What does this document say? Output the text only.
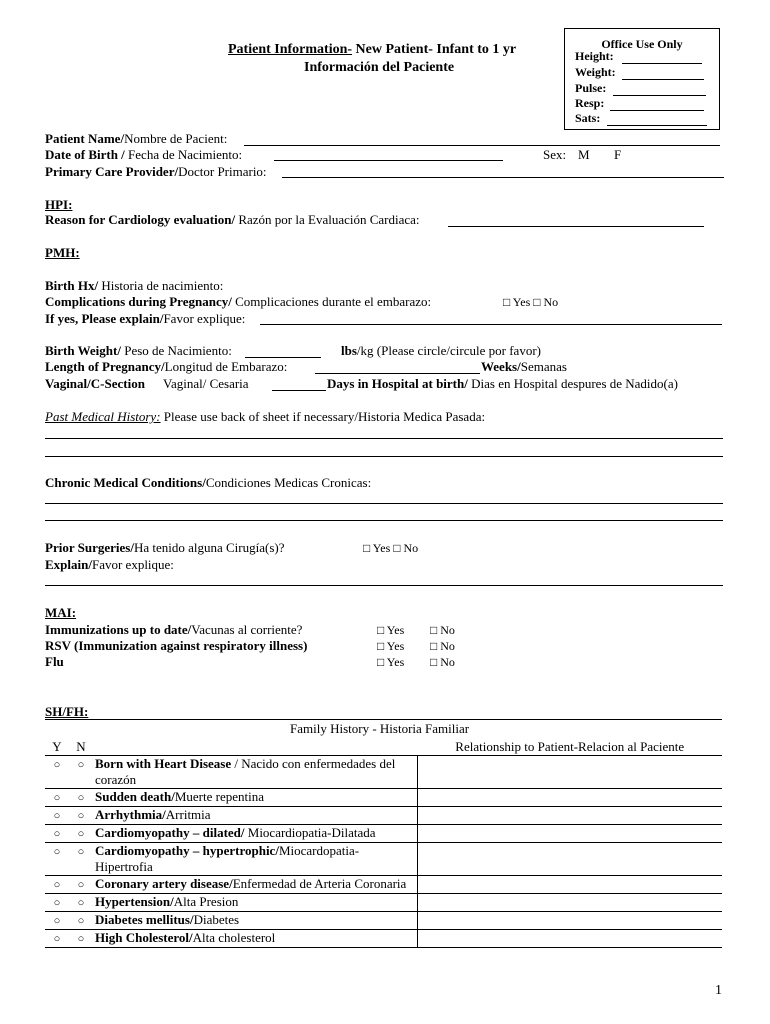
Patient Information- New Patient- Infant to 1 yr
Información del Paciente
Office Use Only
Height:
Weight:
Pulse:
Resp:
Sats:
Patient Name/Nombre de Pacient:
Date of Birth / Fecha de Nacimiento:	Sex: M F
Primary Care Provider/Doctor Primario:
HPI:
Reason for Cardiology evaluation/ Razón por la Evaluación Cardiaca:
PMH:
Birth Hx/ Historia de nacimiento:
Complications during Pregnancy/ Complicaciones durante el embarazo:	□ Yes □ No
If yes, Please explain/Favor explique:
Birth Weight/ Peso de Nacimiento:	lbs/kg (Please circle/circule por favor)
Length of Pregnancy/Longitud de Embarazo:	Weeks/Semanas
Vaginal/C-Section Vaginal/ Cesaria	Days in Hospital at birth/ Dias en Hospital despures de Nadido(a)
Past Medical History: Please use back of sheet if necessary/Historia Medica Pasada:
Chronic Medical Conditions/Condiciones Medicas Cronicas:
Prior Surgeries/Ha tenido alguna Cirugía(s)?	□ Yes □ No
Explain/Favor explique:
MAI:
Immunizations up to date/Vacunas al corriente?	□ Yes □ No
RSV (Immunization against respiratory illness)	□ Yes □ No
Flu	□ Yes □ No
SH/FH:
Family History - Historia Familiar
Y	N		Relationship to Patient-Relacion al Paciente
○	○	Born with Heart Disease / Nacido con enfermedades del corazón	
○	○	Sudden death/Muerte repentina	
○	○	Arrhythmia/Arritmia	
○	○	Cardiomyopathy – dilated/ Miocardiopatia-Dilatada	
○	○	Cardiomyopathy – hypertrophic/Miocardopatia-Hipertrofia	
○	○	Coronary artery disease/Enfermedad de Arteria Coronaria	
○	○	Hypertension/Alta Presion	
○	○	Diabetes mellitus/Diabetes	
○	○	High Cholesterol/Alta cholesterol	
1
